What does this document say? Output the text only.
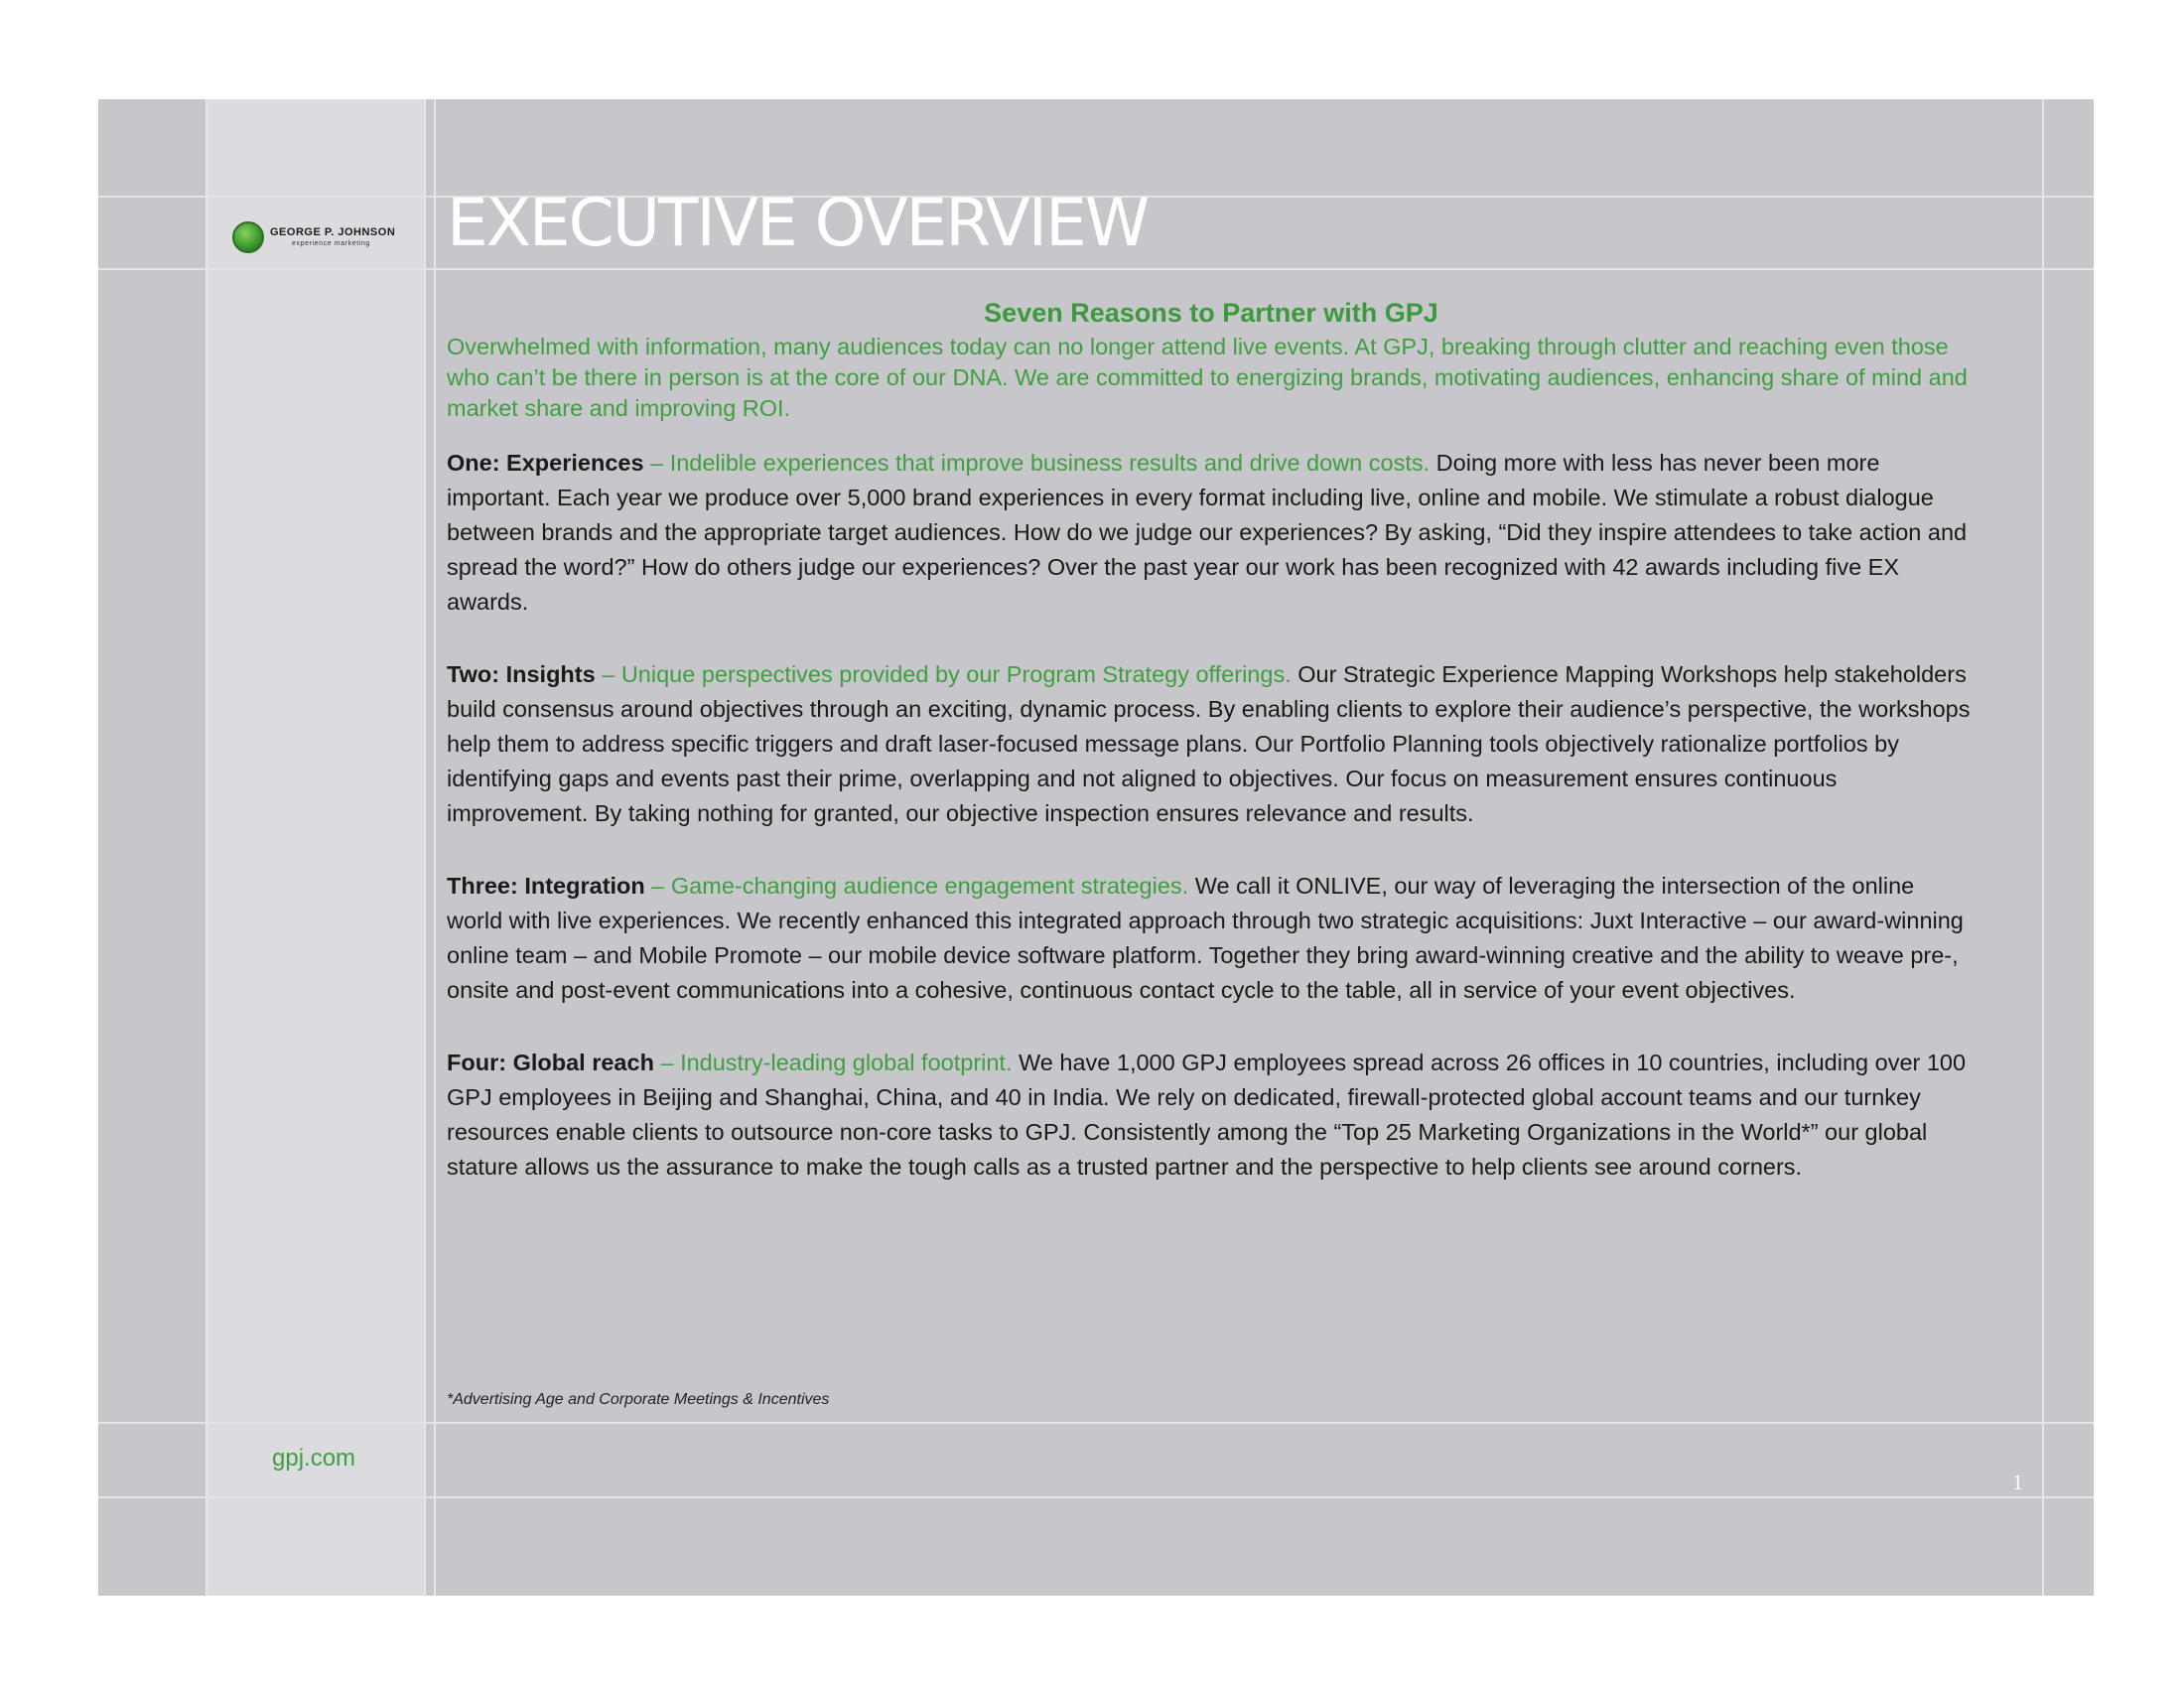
GEORGE P. JOHNSON
experience marketing	EXECUTIVE OVERVIEW
Seven Reasons to Partner with GPJ

Overwhelmed with information, many audiences today can no longer attend live events. At GPJ, breaking through clutter and reaching even those who can’t be there in person is at the core of our DNA. We are committed to energizing brands, motivating audiences, enhancing share of mind and market share and improving ROI.

One: Experiences – Indelible experiences that improve business results and drive down costs. Doing more with less has never been more important. Each year we produce over 5,000 brand experiences in every format including live, online and mobile. We stimulate a robust dialogue between brands and the appropriate target audiences. How do we judge our experiences? By asking, “Did they inspire attendees to take action and spread the word?” How do others judge our experiences? Over the past year our work has been recognized with 42 awards including five EX awards.

Two: Insights – Unique perspectives provided by our Program Strategy offerings. Our Strategic Experience Mapping Workshops help stakeholders build consensus around objectives through an exciting, dynamic process. By enabling clients to explore their audience’s perspective, the workshops help them to address specific triggers and draft laser-focused message plans. Our Portfolio Planning tools objectively rationalize portfolios by identifying gaps and events past their prime, overlapping and not aligned to objectives. Our focus on measurement ensures continuous improvement. By taking nothing for granted, our objective inspection ensures relevance and results.

Three: Integration – Game-changing audience engagement strategies. We call it ONLIVE, our way of leveraging the intersection of the online world with live experiences. We recently enhanced this integrated approach through two strategic acquisitions: Juxt Interactive – our award-winning online team – and Mobile Promote – our mobile device software platform. Together they bring award-winning creative and the ability to weave pre-, onsite and post-event communications into a cohesive, continuous contact cycle to the table, all in service of your event objectives.

Four: Global reach – Industry-leading global footprint. We have 1,000 GPJ employees spread across 26 offices in 10 countries, including over 100 GPJ employees in Beijing and Shanghai, China, and 40 in India. We rely on dedicated, firewall-protected global account teams and our turnkey resources enable clients to outsource non-core tasks to GPJ. Consistently among the “Top 25 Marketing Organizations in the World*” our global stature allows us the assurance to make the tough calls as a trusted partner and the perspective to help clients see around corners.

*Advertising Age and Corporate Meetings & Incentives
gpj.com
1
